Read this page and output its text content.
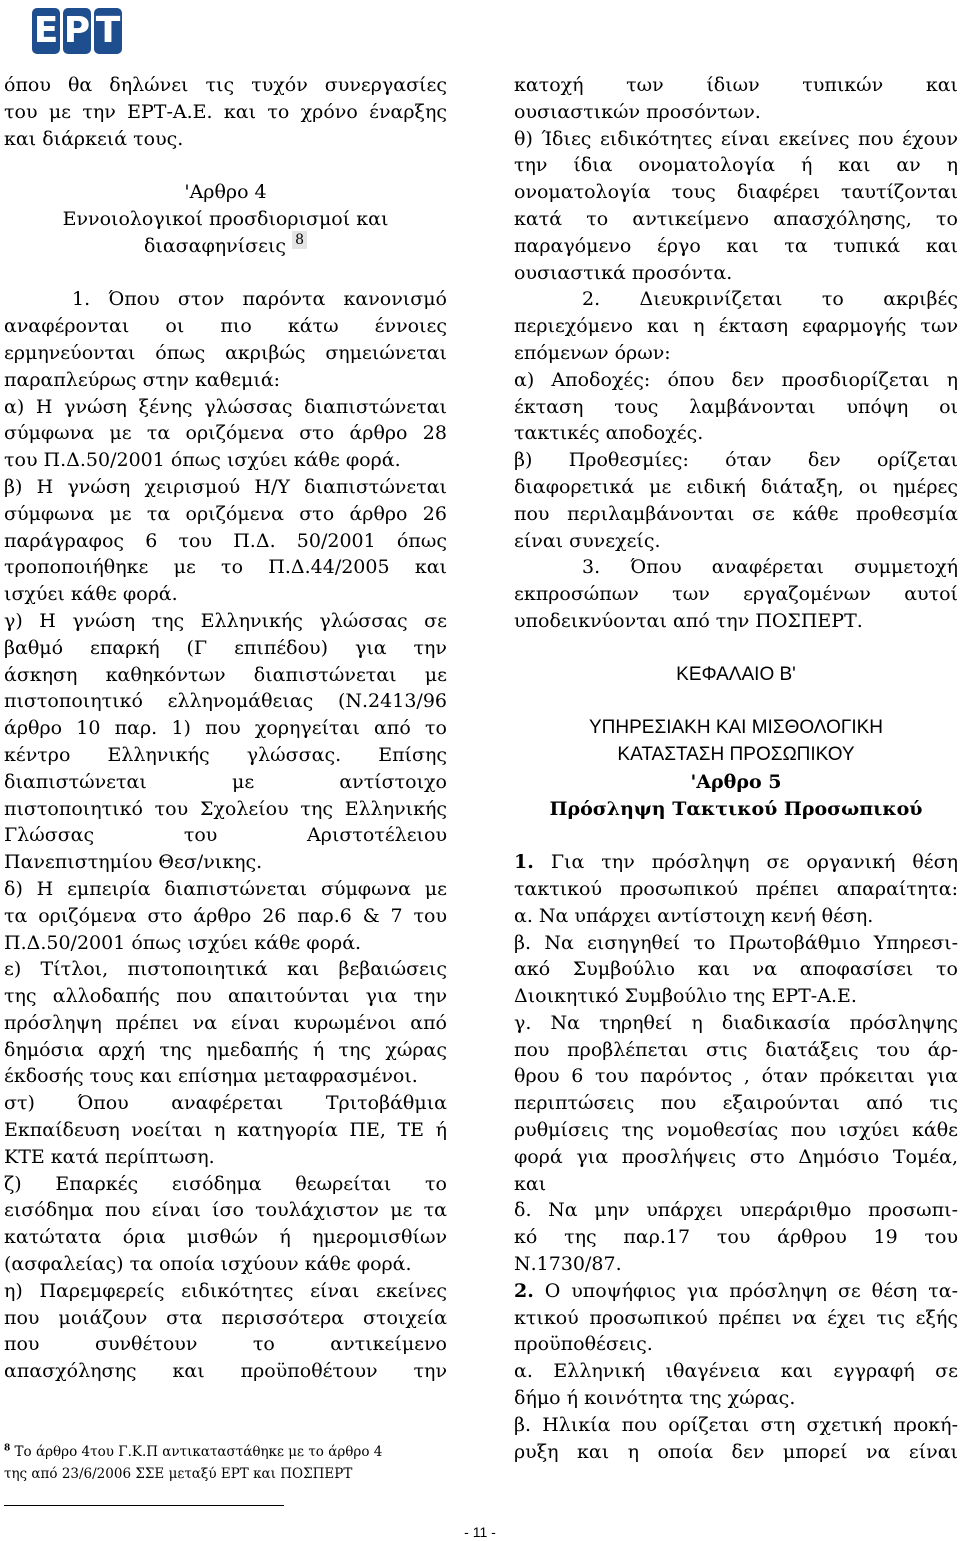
Ε Ρ Τ

όπου θα δηλώνει τις τυχόν συνεργασίες

του με την ΕΡΤ-Α.Ε. και το χρόνο έναρξης

και διάρκειά τους.

'Αρθρο 4

Εννοιολογικοί προσδιορισμοί και

διασαφηνίσεις $^8$

1. Όπου στον παρόντα κανονισμό

αναφέρονται οι πιο κάτω έννοιες

ερμηνεύονται όπως ακριβώς σημειώνεται

παραπλεύρως στην καθεμιά:

α) Η γνώση ξένης γλώσσας διαπιστώνεται

σύμφωνα με τα οριζόμενα στο άρθρο 28

του Π.Δ.50/2001 όπως ισχύει κάθε φορά.

β) Η γνώση χειρισμού Η/Υ διαπιστώνεται

σύμφωνα με τα οριζόμενα στο άρθρο 26

παράγραφος 6 του Π.Δ. 50/2001 όπως

τροποποιήθηκε με το Π.Δ.44/2005 και

ισχύει κάθε φορά.

γ) Η γνώση της Ελληνικής γλώσσας σε

βαθμό επαρκή (Γ επιπέδου) για την

άσκηση καθηκόντων διαπιστώνεται με

πιστοποιητικό ελληνομάθειας (Ν.2413/96

άρθρο 10 παρ. 1) που χορηγείται από το

κέντρο Ελληνικής γλώσσας. Επίσης

διαπιστώνεται με αντίστοιχο

πιστοποιητικό του Σχολείου της Ελληνικής

Γλώσσας του Αριστοτέλειου

Πανεπιστημίου Θεσ/νικης.

δ) Η εμπειρία διαπιστώνεται σύμφωνα με

τα οριζόμενα στο άρθρο 26 παρ.6 & 7 του

Π.Δ.50/2001 όπως ισχύει κάθε φορά.

ε) Τίτλοι, πιστοποιητικά και βεβαιώσεις

της αλλοδαπής που απαιτούνται για την

πρόσληψη πρέπει να είναι κυρωμένοι από

δημόσια αρχή της ημεδαπής ή της χώρας

έκδοσής τους και επίσημα μεταφρασμένοι.

στ) Όπου αναφέρεται Τριτοβάθμια

Εκπαίδευση νοείται η κατηγορία ΠΕ, ΤΕ ή

ΚΤΕ κατά περίπτωση.

ζ) Επαρκές εισόδημα θεωρείται το

εισόδημα που είναι ίσο τουλάχιστον με τα

κατώτατα όρια μισθών ή ημερομισθίων

(ασφαλείας) τα οποία ισχύουν κάθε φορά.

η) Παρεμφερείς ειδικότητες είναι εκείνες

που μοιάζουν στα περισσότερα στοιχεία

που συνθέτουν το αντικείμενο

απασχόλησης και προϋποθέτουν την

$^8$ Το άρθρο 4του Γ.Κ.Π αντικαταστάθηκε με το άρθρο 4
της από 23/6/2006 ΣΣΕ μεταξύ ΕΡΤ και ΠΟΣΠΕΡΤ

κατοχή των ίδιων τυπικών και

ουσιαστικών προσόντων.

θ) Ίδιες ειδικότητες είναι εκείνες που έχουν

την ίδια ονοματολογία ή και αν η

ονοματολογία τους διαφέρει ταυτίζονται

κατά το αντικείμενο απασχόλησης, το

παραγόμενο έργο και τα τυπικά και

ουσιαστικά προσόντα.

2. Διευκρινίζεται το ακριβές

περιεχόμενο και η έκταση εφαρμογής των

επόμενων όρων:

α) Αποδοχές: όπου δεν προσδιορίζεται η

έκταση τους λαμβάνονται υπόψη οι

τακτικές αποδοχές.

β) Προθεσμίες: όταν δεν ορίζεται

διαφορετικά με ειδική διάταξη, οι ημέρες

που περιλαμβάνονται σε κάθε προθεσμία

είναι συνεχείς.

3. Όπου αναφέρεται συμμετοχή

εκπροσώπων των εργαζομένων αυτοί

υποδεικνύονται από την ΠΟΣΠΕΡΤ.

ΚΕΦΑΛΑΙΟ Β'

ΥΠΗΡΕΣΙΑΚΗ ΚΑΙ ΜΙΣΘΟΛΟΓΙΚΗ

ΚΑΤΑΣΤΑΣΗ ΠΡΟΣΩΠΙΚΟΥ

'Αρθρο 5

Πρόσληψη Τακτικού Προσωπικού

1. Για την πρόσληψη σε οργανική θέση

τακτικού προσωπικού πρέπει απαραίτητα:

α. Να υπάρχει αντίστοιχη κενή θέση.

β. Να εισηγηθεί το Πρωτοβάθμιο Υπηρεσι-

ακό Συμβούλιο και να αποφασίσει το

Διοικητικό Συμβούλιο της ΕΡΤ-Α.Ε.

γ. Να τηρηθεί η διαδικασία πρόσληψης

που προβλέπεται στις διατάξεις του άρ-

θρου 6 του παρόντος , όταν πρόκειται για

περιπτώσεις που εξαιρούνται από τις

ρυθμίσεις της νομοθεσίας που ισχύει κάθε

φορά για προσλήψεις στο Δημόσιο Τομέα,

και

δ. Να μην υπάρχει υπεράριθμο προσωπι-

κό της παρ.17 του άρθρου 19 του

Ν.1730/87.

2. Ο υποψήφιος για πρόσληψη σε θέση τα-

κτικού προσωπικού πρέπει να έχει τις εξής

προϋποθέσεις.

α. Ελληνική ιθαγένεια και εγγραφή σε

δήμο ή κοινότητα της χώρας.

β. Ηλικία που ορίζεται στη σχετική προκή-

ρυξη και η οποία δεν μπορεί να είναι

- 11 -
